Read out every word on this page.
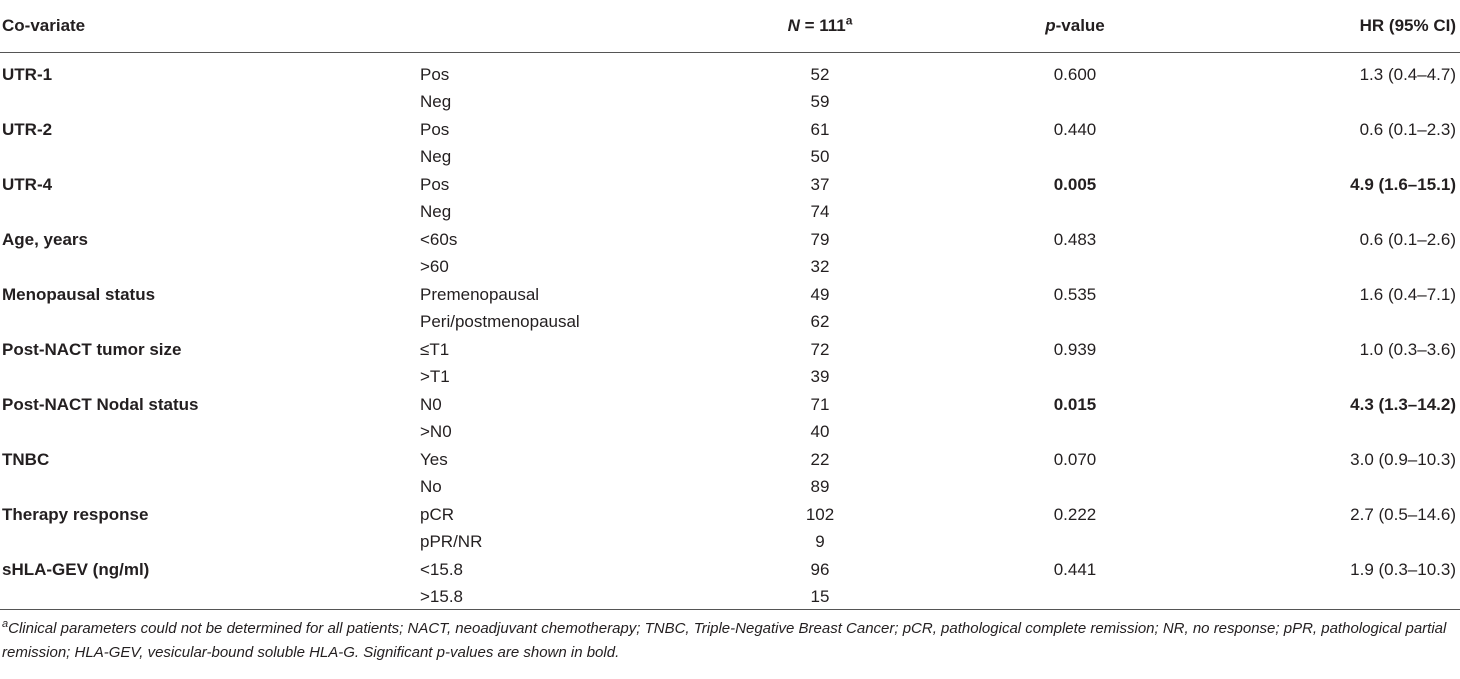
Co-variate		$N = 111^a$	p-value	HR (95% CI)
UTR-1	Pos	52	0.600	1.3 (0.4–4.7)
	Neg	59		
UTR-2	Pos	61	0.440	0.6 (0.1–2.3)
	Neg	50		
UTR-4	Pos	37	0.005	4.9 (1.6–15.1)
	Neg	74		
Age, years	<60s	79	0.483	0.6 (0.1–2.6)
	>60	32		
Menopausal status	Premenopausal	49	0.535	1.6 (0.4–7.1)
	Peri/postmenopausal	62		
Post-NACT tumor size	≤T1	72	0.939	1.0 (0.3–3.6)
	>T1	39		
Post-NACT Nodal status	N0	71	0.015	4.3 (1.3–14.2)
	>N0	40		
TNBC	Yes	22	0.070	3.0 (0.9–10.3)
	No	89		
Therapy response	pCR	102	0.222	2.7 (0.5–14.6)
	pPR/NR	9		
sHLA-GEV (ng/ml)	<15.8	96	0.441	1.9 (0.3–10.3)
	>15.8	15		
$^a$Clinical parameters could not be determined for all patients; NACT, neoadjuvant chemotherapy; TNBC, Triple-Negative Breast Cancer; pCR, pathological complete remission; NR, no response; pPR, pathological partial remission; HLA-GEV, vesicular-bound soluble HLA-G. Significant p-values are shown in bold.
